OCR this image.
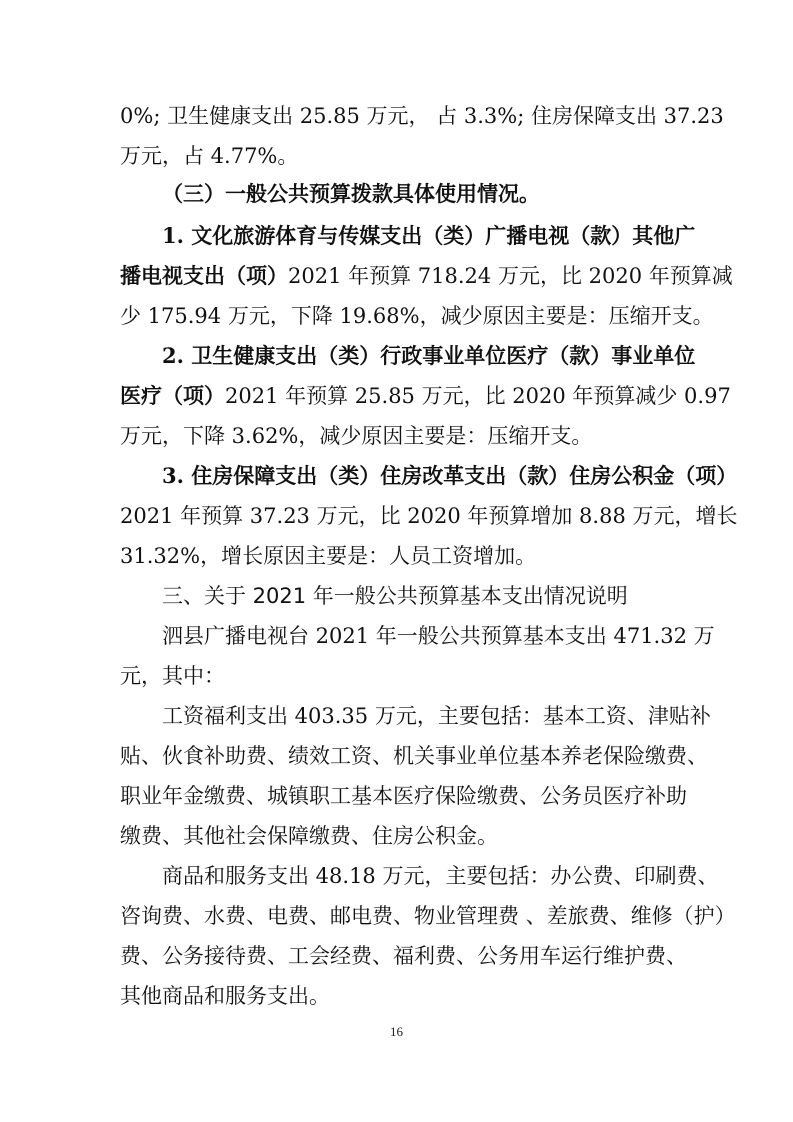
0%; 卫生健康支出 25.85 万元， 占 3.3%; 住房保障支出 37.23
万元，占 4.77%。
（三）一般公共预算拨款具体使用情况。
1. 文化旅游体育与传媒支出（类）广播电视（款）其他广
播电视支出（项）2021 年预算 718.24 万元，比 2020 年预算减
少 175.94 万元，下降 19.68%，减少原因主要是：压缩开支。
2. 卫生健康支出（类）行政事业单位医疗（款）事业单位
医疗（项）2021 年预算 25.85 万元，比 2020 年预算减少 0.97
万元，下降 3.62%，减少原因主要是：压缩开支。
3. 住房保障支出（类）住房改革支出（款）住房公积金（项）
2021 年预算 37.23 万元，比 2020 年预算增加 8.88 万元，增长
31.32%，增长原因主要是：人员工资增加。
三、关于 2021 年一般公共预算基本支出情况说明
泗县广播电视台 2021 年一般公共预算基本支出 471.32 万
元，其中：
工资福利支出 403.35 万元，主要包括：基本工资、津贴补
贴、伙食补助费、绩效工资、机关事业单位基本养老保险缴费、
职业年金缴费、城镇职工基本医疗保险缴费、公务员医疗补助
缴费、其他社会保障缴费、住房公积金。
商品和服务支出 48.18 万元，主要包括：办公费、印刷费、
咨询费、水费、电费、邮电费、物业管理费 、差旅费、维修（护）
费、公务接待费、工会经费、福利费、公务用车运行维护费、
其他商品和服务支出。
16
